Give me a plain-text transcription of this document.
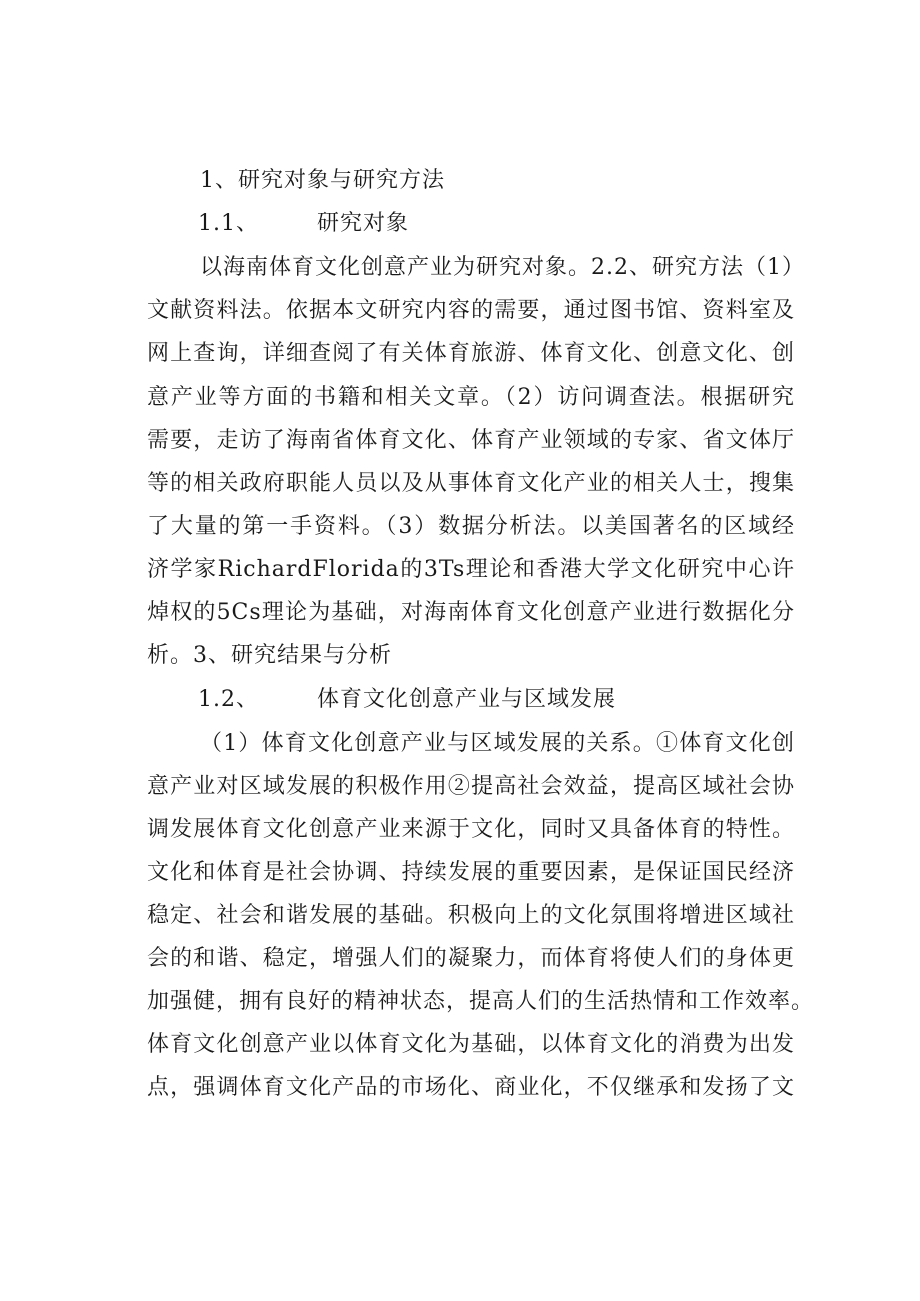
1、研究对象与研究方法
1.1、	研究对象
以海南体育文化创意产业为研究对象。2.2、研究方法（1）
文献资料法。依据本文研究内容的需要，通过图书馆、资料室及
网上查询，详细查阅了有关体育旅游、体育文化、创意文化、创
意产业等方面的书籍和相关文章。（2）访问调查法。根据研究
需要，走访了海南省体育文化、体育产业领域的专家、省文体厅
等的相关政府职能人员以及从事体育文化产业的相关人士，搜集
了大量的第一手资料。（3）数据分析法。以美国著名的区域经
济学家RichardFlorida的3Ts理论和香港大学文化研究中心许
焯权的5Cs理论为基础，对海南体育文化创意产业进行数据化分
析。3、研究结果与分析
1.2、	体育文化创意产业与区域发展
（1）体育文化创意产业与区域发展的关系。①体育文化创
意产业对区域发展的积极作用②提高社会效益，提高区域社会协
调发展体育文化创意产业来源于文化，同时又具备体育的特性。
文化和体育是社会协调、持续发展的重要因素，是保证国民经济
稳定、社会和谐发展的基础。积极向上的文化氛围将增进区域社
会的和谐、稳定，增强人们的凝聚力，而体育将使人们的身体更
加强健，拥有良好的精神状态，提高人们的生活热情和工作效率。
体育文化创意产业以体育文化为基础，以体育文化的消费为出发
点，强调体育文化产品的市场化、商业化，不仅继承和发扬了文
